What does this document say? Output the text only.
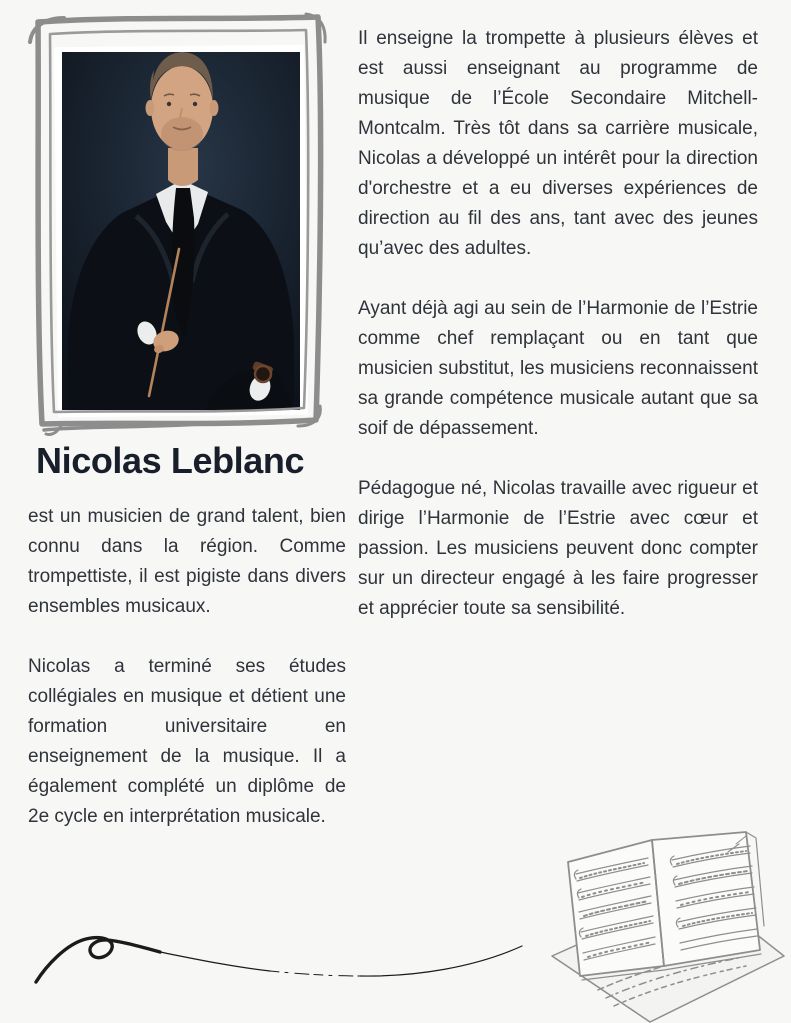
Nicolas Leblanc

est un musicien de grand talent, bien connu dans la région. Comme trompettiste, il est pigiste dans divers ensembles musicaux.

Nicolas a terminé ses études collégiales en musique et détient une formation universitaire en enseignement de la musique. Il a également complété un diplôme de 2e cycle en interprétation musicale.

Il enseigne la trompette à plusieurs élèves et est aussi enseignant au programme de musique de l’École Secondaire Mitchell-Montcalm. Très tôt dans sa carrière musicale, Nicolas a développé un intérêt pour la direction d'orchestre et a eu diverses expériences de direction au fil des ans, tant avec des jeunes qu’avec des adultes.

Ayant déjà agi au sein de l’Harmonie de l’Estrie comme chef remplaçant ou en tant que musicien substitut, les musiciens reconnaissent sa grande compétence musicale autant que sa soif de dépassement.

Pédagogue né, Nicolas travaille avec rigueur et dirige l’Harmonie de l’Estrie avec cœur et passion. Les musiciens peuvent donc compter sur un directeur engagé à les faire progresser et apprécier toute sa sensibilité.
